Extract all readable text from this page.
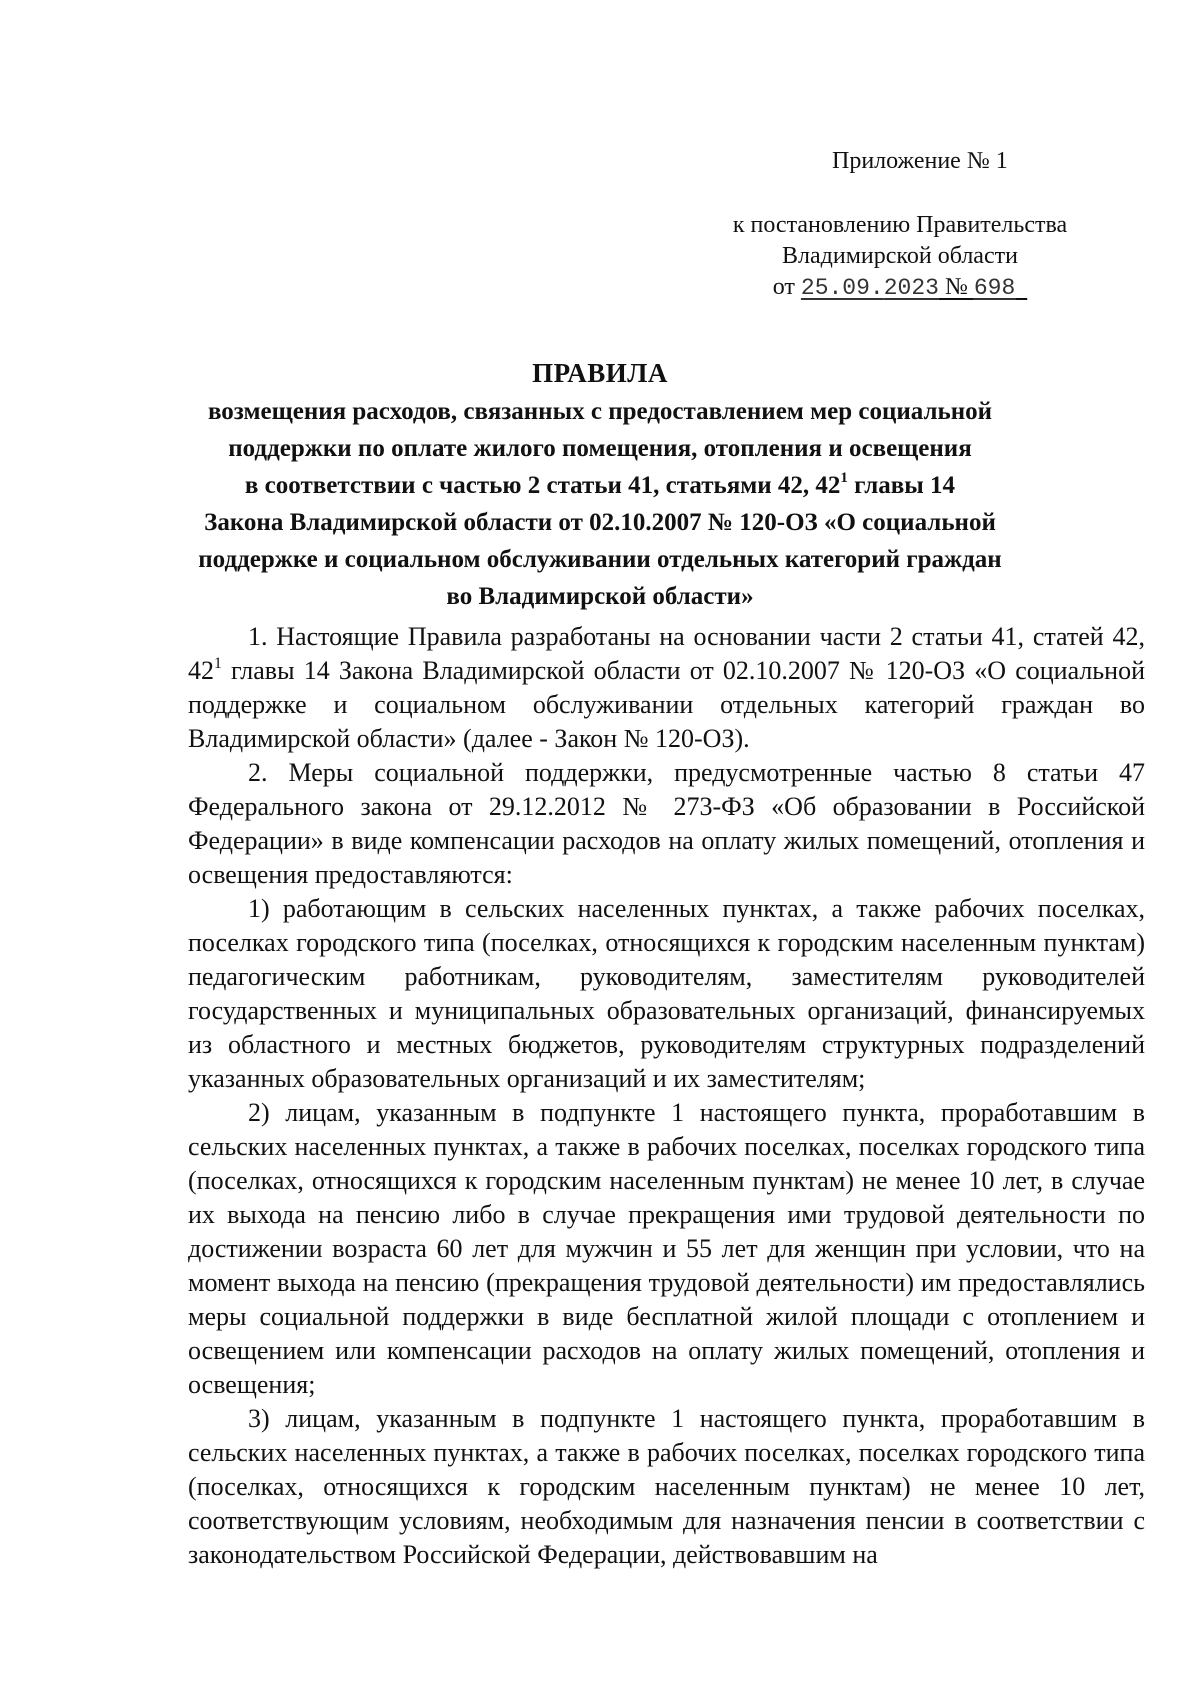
Приложение № 1
к постановлению Правительства
Владимирской области
от 25.09.2023 № 698
ПРАВИЛА
возмещения расходов, связанных с предоставлением мер социальной
поддержки по оплате жилого помещения, отопления и освещения
в соответствии с частью 2 статьи 41, статьями 42, $42^1$ главы 14
Закона Владимирской области от 02.10.2007 № 120-ОЗ «О социальной
поддержке и социальном обслуживании отдельных категорий граждан
во Владимирской области»

1. Настоящие Правила разработаны на основании части 2 статьи 41, статей 42, $42^1$ главы 14 Закона Владимирской области от 02.10.2007 № 120-ОЗ «О социальной поддержке и социальном обслуживании отдельных категорий граждан во Владимирской области» (далее - Закон № 120-ОЗ).

2. Меры социальной поддержки, предусмотренные частью 8 статьи 47 Федерального закона от 29.12.2012 № 273-ФЗ «Об образовании в Российской Федерации» в виде компенсации расходов на оплату жилых помещений, отопления и освещения предоставляются:

1) работающим в сельских населенных пунктах, а также рабочих поселках, поселках городского типа (поселках, относящихся к городским населенным пунктам) педагогическим работникам, руководителям, заместителям руководителей государственных и муниципальных образовательных организаций, финансируемых из областного и местных бюджетов, руководителям структурных подразделений указанных образовательных организаций и их заместителям;

2) лицам, указанным в подпункте 1 настоящего пункта, проработавшим в сельских населенных пунктах, а также в рабочих поселках, поселках городского типа (поселках, относящихся к городским населенным пунктам) не менее 10 лет, в случае их выхода на пенсию либо в случае прекращения ими трудовой деятельности по достижении возраста 60 лет для мужчин и 55 лет для женщин при условии, что на момент выхода на пенсию (прекращения трудовой деятельности) им предоставлялись меры социальной поддержки в виде бесплатной жилой площади с отоплением и освещением или компенсации расходов на оплату жилых помещений, отопления и освещения;

3) лицам, указанным в подпункте 1 настоящего пункта, проработавшим в сельских населенных пунктах, а также в рабочих поселках, поселках городского типа (поселках, относящихся к городским населенным пунктам) не менее 10 лет, соответствующим условиям, необходимым для назначения пенсии в соответствии с законодательством Российской Федерации, действовавшим на
